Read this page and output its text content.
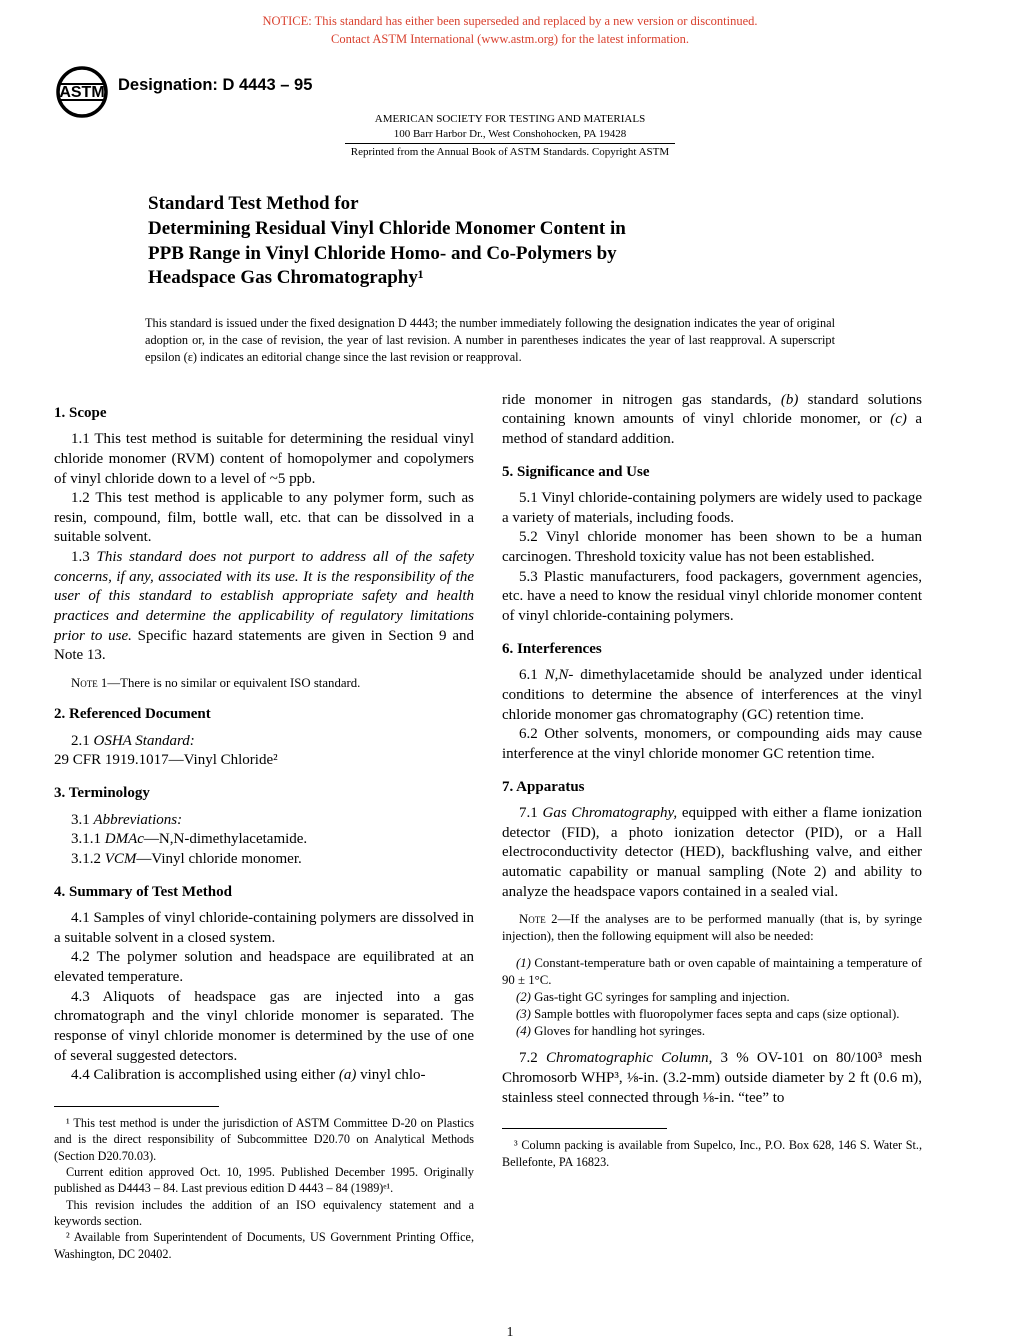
NOTICE: This standard has either been superseded and replaced by a new version or discontinued.
Contact ASTM International (www.astm.org) for the latest information.
ASTM Designation: D 4443 – 95
AMERICAN SOCIETY FOR TESTING AND MATERIALS
100 Barr Harbor Dr., West Conshohocken, PA 19428
Reprinted from the Annual Book of ASTM Standards. Copyright ASTM
Standard Test Method for
Determining Residual Vinyl Chloride Monomer Content in
PPB Range in Vinyl Chloride Homo- and Co-Polymers by
Headspace Gas Chromatography¹
This standard is issued under the fixed designation D 4443; the number immediately following the designation indicates the year of original adoption or, in the case of revision, the year of last revision. A number in parentheses indicates the year of last reapproval. A superscript epsilon (ε) indicates an editorial change since the last revision or reapproval.
1. Scope

1.1 This test method is suitable for determining the residual vinyl chloride monomer (RVM) content of homopolymer and copolymers of vinyl chloride down to a level of ~5 ppb.

1.2 This test method is applicable to any polymer form, such as resin, compound, film, bottle wall, etc. that can be dissolved in a suitable solvent.

1.3 This standard does not purport to address all of the safety concerns, if any, associated with its use. It is the responsibility of the user of this standard to establish appropriate safety and health practices and determine the applicability of regulatory limitations prior to use. Specific hazard statements are given in Section 9 and Note 13.

Note 1—There is no similar or equivalent ISO standard.

2. Referenced Document

2.1 OSHA Standard:

29 CFR 1919.1017—Vinyl Chloride²

3. Terminology

3.1 Abbreviations:

3.1.1 DMAc—N,N-dimethylacetamide.

3.1.2 VCM—Vinyl chloride monomer.

4. Summary of Test Method

4.1 Samples of vinyl chloride-containing polymers are dissolved in a suitable solvent in a closed system.

4.2 The polymer solution and headspace are equilibrated at an elevated temperature.

4.3 Aliquots of headspace gas are injected into a gas chromatograph and the vinyl chloride monomer is separated. The response of vinyl chloride monomer is determined by the use of one of several suggested detectors.

4.4 Calibration is accomplished using either (a) vinyl chlo-

¹ This test method is under the jurisdiction of ASTM Committee D-20 on Plastics and is the direct responsibility of Subcommittee D20.70 on Analytical Methods (Section D20.70.03).

Current edition approved Oct. 10, 1995. Published December 1995. Originally published as D4443 – 84. Last previous edition D 4443 – 84 (1989)ᵉ¹.

This revision includes the addition of an ISO equivalency statement and a keywords section.

² Available from Superintendent of Documents, US Government Printing Office, Washington, DC 20402.

ride monomer in nitrogen gas standards, (b) standard solutions containing known amounts of vinyl chloride monomer, or (c) a method of standard addition.

5. Significance and Use

5.1 Vinyl chloride-containing polymers are widely used to package a variety of materials, including foods.

5.2 Vinyl chloride monomer has been shown to be a human carcinogen. Threshold toxicity value has not been established.

5.3 Plastic manufacturers, food packagers, government agencies, etc. have a need to know the residual vinyl chloride monomer content of vinyl chloride-containing polymers.

6. Interferences

6.1 N,N- dimethylacetamide should be analyzed under identical conditions to determine the absence of interferences at the vinyl chloride monomer gas chromatography (GC) retention time.

6.2 Other solvents, monomers, or compounding aids may cause interference at the vinyl chloride monomer GC retention time.

7. Apparatus

7.1 Gas Chromatography, equipped with either a flame ionization detector (FID), a photo ionization detector (PID), or a Hall electroconductivity detector (HED), backflushing valve, and either automatic capability or manual sampling (Note 2) and ability to analyze the headspace vapors contained in a sealed vial.

Note 2—If the analyses are to be performed manually (that is, by syringe injection), then the following equipment will also be needed:

(1) Constant-temperature bath or oven capable of maintaining a temperature of 90 ± 1°C.

(2) Gas-tight GC syringes for sampling and injection.

(3) Sample bottles with fluoropolymer faces septa and caps (size optional).

(4) Gloves for handling hot syringes.

7.2 Chromatographic Column, 3 % OV-101 on 80/100³ mesh Chromosorb WHP³, ⅛-in. (3.2-mm) outside diameter by 2 ft (0.6 m), stainless steel connected through ⅛-in. “tee” to

³ Column packing is available from Supelco, Inc., P.O. Box 628, 146 S. Water St., Bellefonte, PA 16823.

1
